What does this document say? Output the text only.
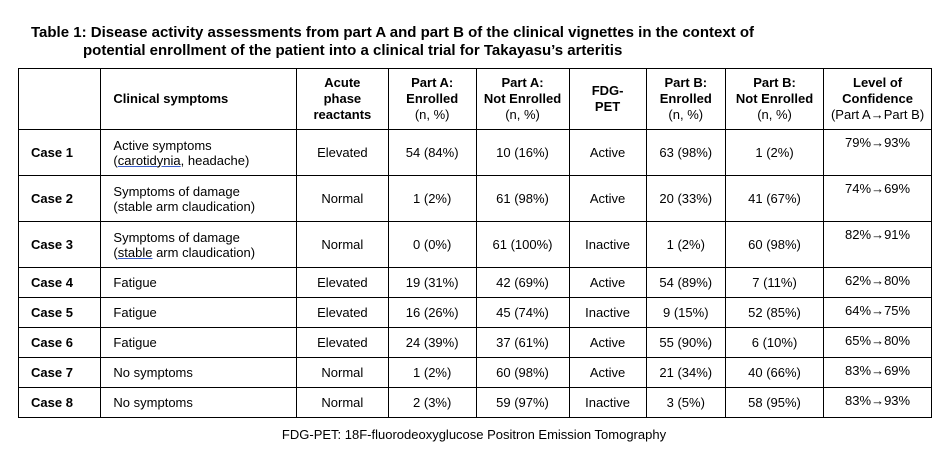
Table 1: Disease activity assessments from part A and part B of the clinical vignettes in the context of
potential enrollment of the patient into a clinical trial for Takayasu’s arteritis
	Clinical symptoms	Acute
phase
reactants	Part A:
Enrolled
(n, %)	Part A:
Not Enrolled
(n, %)	FDG-
PET	Part B:
Enrolled
(n, %)	Part B:
Not Enrolled
(n, %)	Level of
Confidence
(Part A→Part B)
Case 1	Active symptoms
(carotidynia, headache)	Elevated	54 (84%)	10 (16%)	Active	63 (98%)	1 (2%)	79%→93%
Case 2	Symptoms of damage
(stable arm claudication)	Normal	1 (2%)	61 (98%)	Active	20 (33%)	41 (67%)	74%→69%
Case 3	Symptoms of damage
(stable arm claudication)	Normal	0 (0%)	61 (100%)	Inactive	1 (2%)	60 (98%)	82%→91%
Case 4	Fatigue	Elevated	19 (31%)	42 (69%)	Active	54 (89%)	7 (11%)	62%→80%
Case 5	Fatigue	Elevated	16 (26%)	45 (74%)	Inactive	9 (15%)	52 (85%)	64%→75%
Case 6	Fatigue	Elevated	24 (39%)	37 (61%)	Active	55 (90%)	6 (10%)	65%→80%
Case 7	No symptoms	Normal	1 (2%)	60 (98%)	Active	21 (34%)	40 (66%)	83%→69%
Case 8	No symptoms	Normal	2 (3%)	59 (97%)	Inactive	3 (5%)	58 (95%)	83%→93%

FDG-PET: 18F-fluorodeoxyglucose Positron Emission Tomography
